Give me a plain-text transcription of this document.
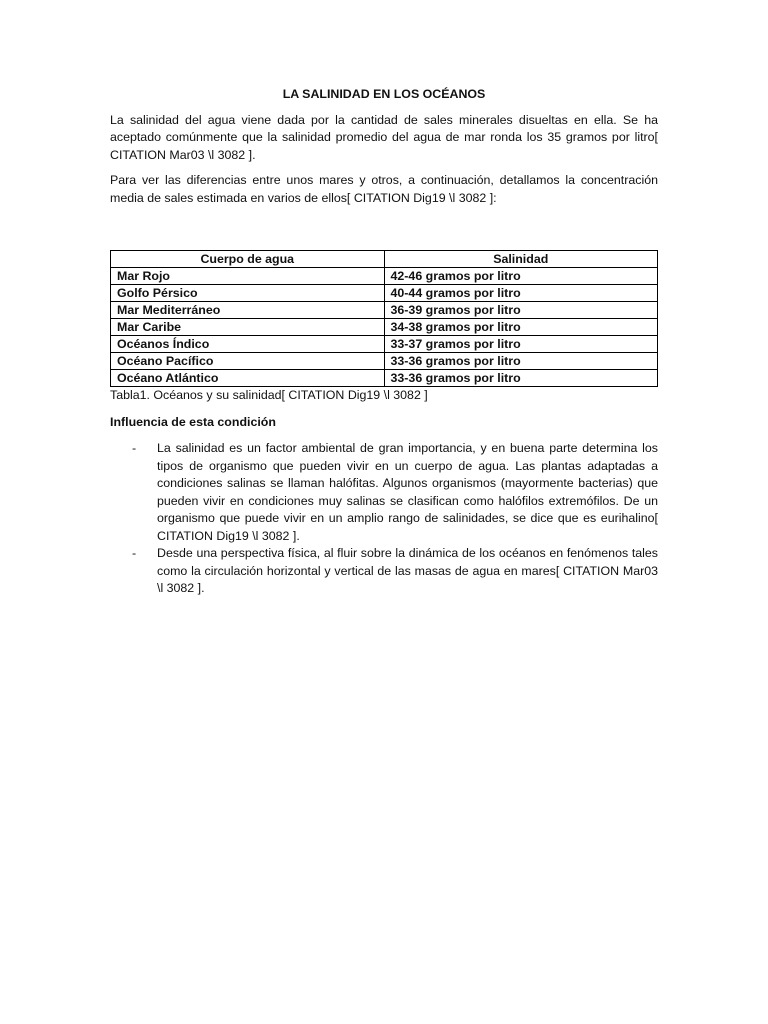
LA SALINIDAD EN LOS OCÉANOS

La salinidad del agua viene dada por la cantidad de sales minerales disueltas en ella. Se ha aceptado comúnmente que la salinidad promedio del agua de mar ronda los 35 gramos por litro[ CITATION Mar03 \l 3082 ].

Para ver las diferencias entre unos mares y otros, a continuación, detallamos la concentración media de sales estimada en varios de ellos[ CITATION Dig19 \l 3082 ]:

Cuerpo de agua	Salinidad
Mar Rojo	42-46 gramos por litro
Golfo Pérsico	40-44 gramos por litro
Mar Mediterráneo	36-39 gramos por litro
Mar Caribe	34-38 gramos por litro
Océanos Índico	33-37 gramos por litro
Océano Pacífico	33-36 gramos por litro
Océano Atlántico	33-36 gramos por litro

Tabla1. Océanos y su salinidad[ CITATION Dig19 \l 3082 ]

Influencia de esta condición

- La salinidad es un factor ambiental de gran importancia, y en buena parte determina los tipos de organismo que pueden vivir en un cuerpo de agua. Las plantas adaptadas a condiciones salinas se llaman halófitas. Algunos organismos (mayormente bacterias) que pueden vivir en condiciones muy salinas se clasifican como halófilos extremófilos. De un organismo que puede vivir en un amplio rango de salinidades, se dice que es eurihalino[ CITATION Dig19 \l 3082 ].
- Desde una perspectiva física, al fluir sobre la dinámica de los océanos en fenómenos tales como la circulación horizontal y vertical de las masas de agua en mares[ CITATION Mar03 \l 3082 ].
